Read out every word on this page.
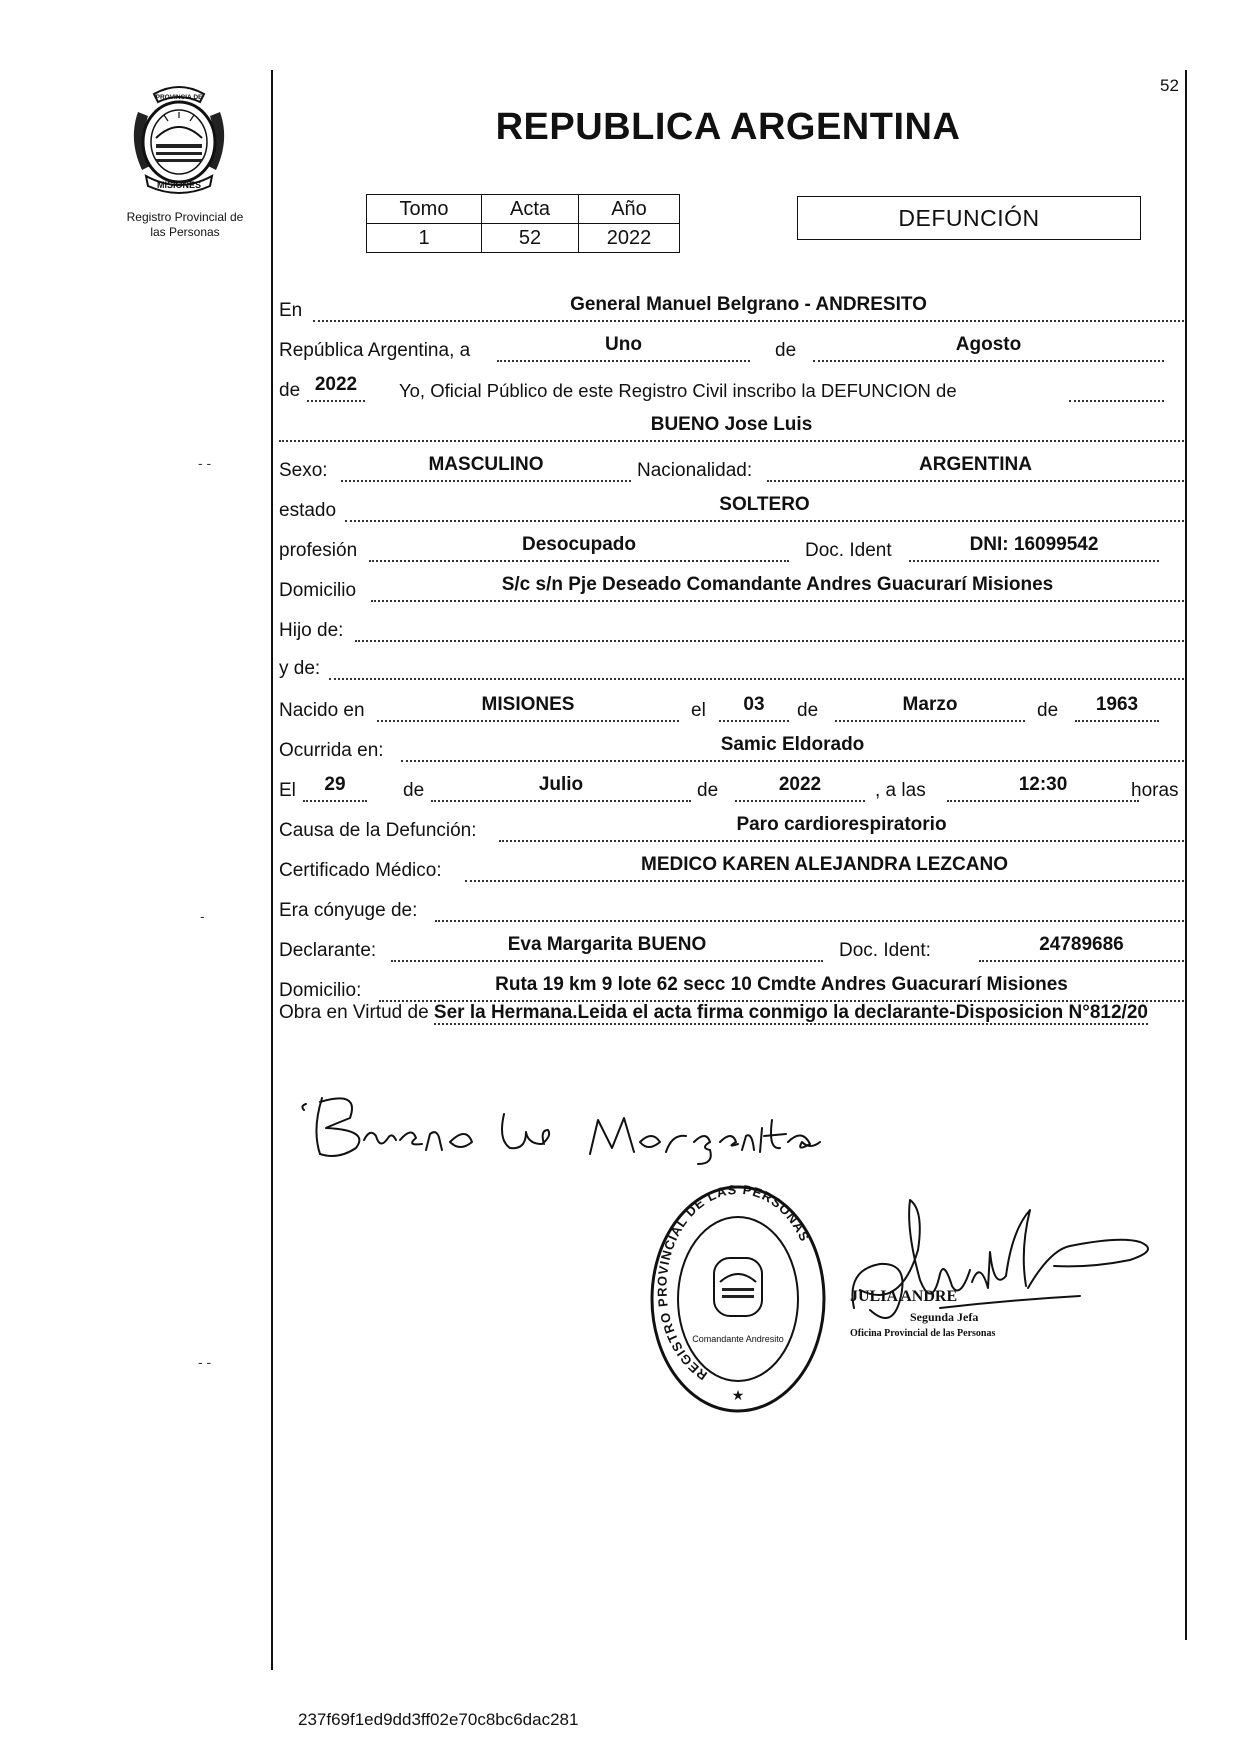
52
PROVINCIA DE
MISIONES
Registro Provincial de
las Personas
- -
-
- -
REPUBLICA ARGENTINA
Tomo	Acta	Año
1	52	2022
DEFUNCIÓN
En	General Manuel Belgrano - ANDRESITO
República Argentina, a	Uno	de	Agosto
de 2022	Yo, Oficial Público de este Registro Civil inscribo la DEFUNCION de
BUENO Jose Luis
Sexo:	MASCULINO	Nacionalidad:	ARGENTINA
estado	SOLTERO
profesión	Desocupado	Doc. Ident	DNI: 16099542
Domicilio	S/c s/n Pje Deseado Comandante Andres Guacurarí Misiones
Hijo de:
y de:
Nacido en	MISIONES	el	03	de	Marzo	de	1963
Ocurrida en:	Samic Eldorado
El	29	de	Julio	de	2022	, a las	12:30	horas
Causa de la Defunción:	Paro cardiorespiratorio
Certificado Médico:	MEDICO KAREN ALEJANDRA LEZCANO
Era cónyuge de:
Declarante:	Eva Margarita BUENO	Doc. Ident:	24789686
Domicilio:	Ruta 19 km 9 lote 62 secc 10 Cmdte Andres Guacurarí Misiones
Obra en Virtud de Ser la Hermana.Leida el acta firma conmigo la declarante-Disposicion N°812/20
REGISTRO PROVINCIAL DE LAS PERSONAS
Comandante Andresito
★
JULIA ANDRE
Segunda Jefa
Oficina Provincial de las Personas
237f69f1ed9dd3ff02e70c8bc6dac281
